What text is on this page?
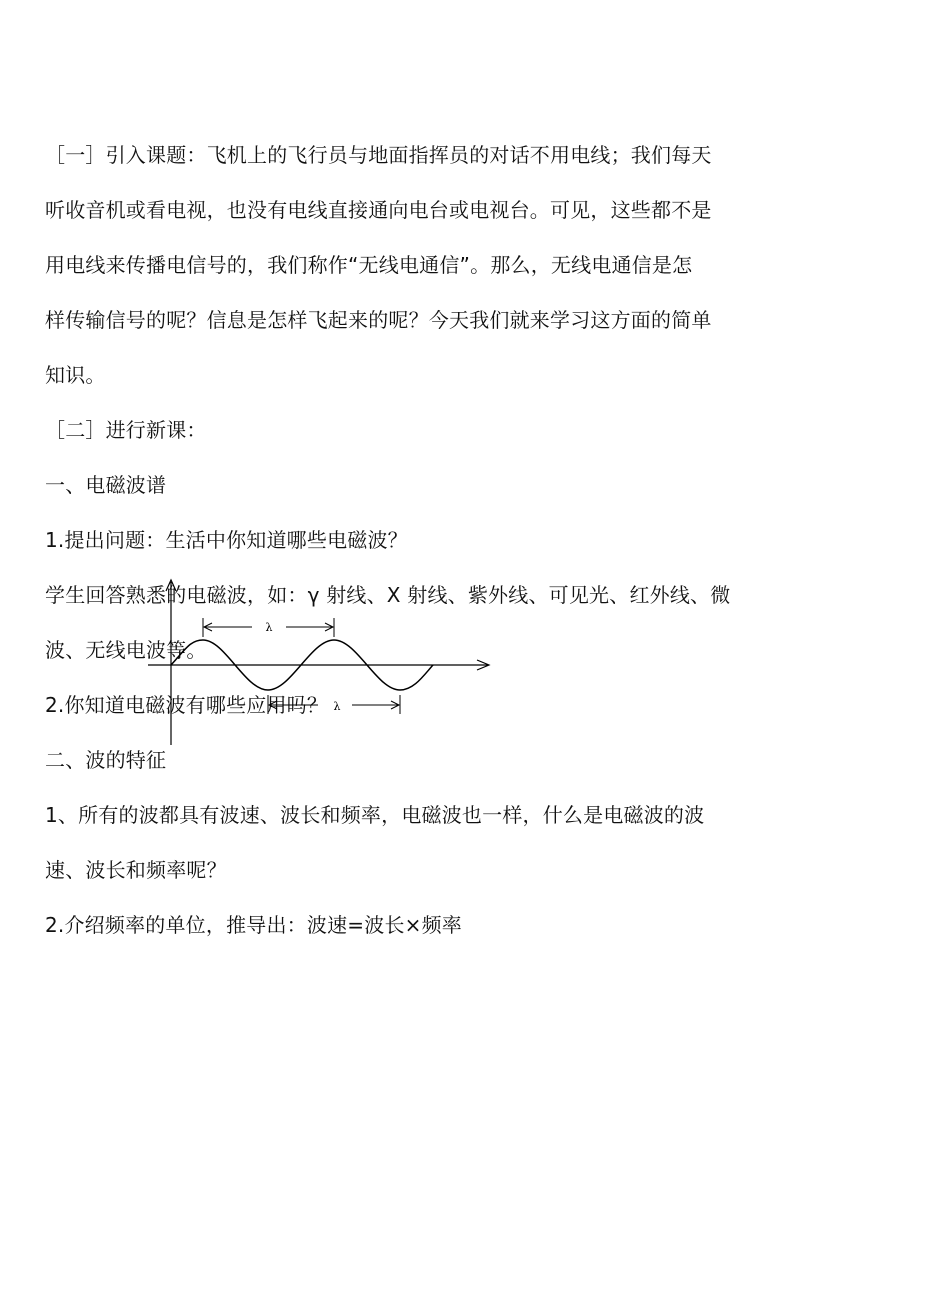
［一］引入课题：飞机上的飞行员与地面指挥员的对话不用电线；我们每天
听收音机或看电视，也没有电线直接通向电台或电视台。可见，这些都不是
用电线来传播电信号的，我们称作“无线电通信”。那么，无线电通信是怎
样传输信号的呢？信息是怎样飞起来的呢？今天我们就来学习这方面的简单
知识。
［二］进行新课：
一、电磁波谱
1.提出问题：生活中你知道哪些电磁波？
学生回答熟悉的电磁波，如：γ 射线、X 射线、紫外线、可见光、红外线、微
波、无线电波等。
2.你知道电磁波有哪些应用吗？
二、波的特征
1、所有的波都具有波速、波长和频率，电磁波也一样，什么是电磁波的波
速、波长和频率呢？
2.介绍频率的单位，推导出：波速=波长×频率
λ
λ
